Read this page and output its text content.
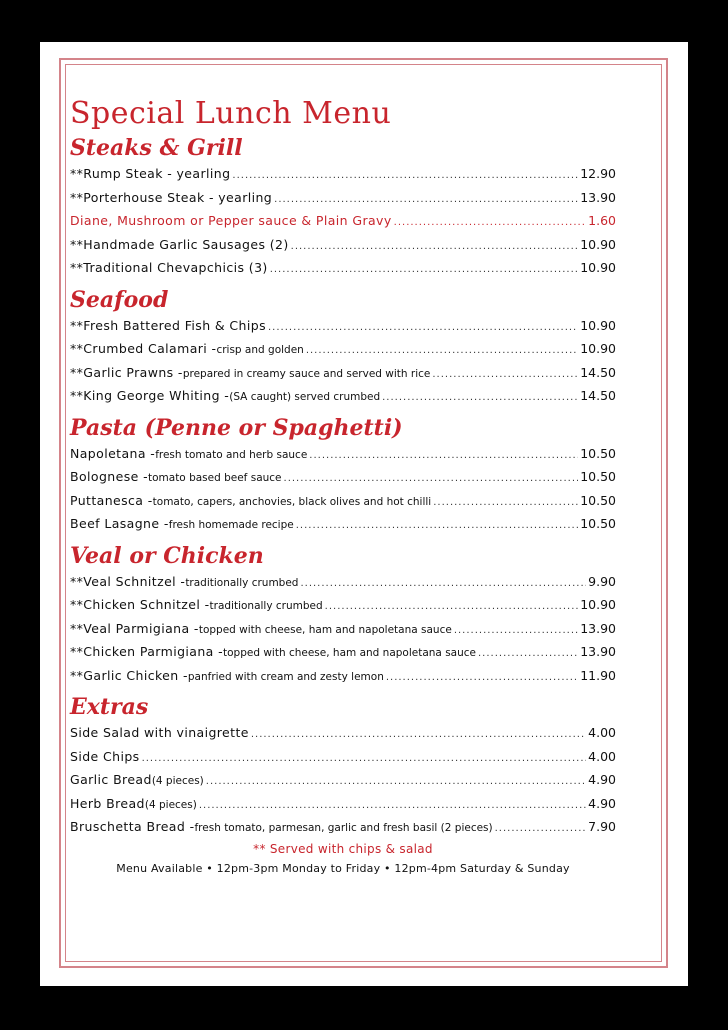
Special Lunch Menu
Steaks & Grill
**Rump Steak - yearling .....	12.90
**Porterhouse Steak - yearling .....	13.90
Diane, Mushroom or Pepper sauce & Plain Gravy .....	1.60
**Handmade Garlic Sausages (2) .....	10.90
**Traditional Chevapchicis (3) .....	10.90
Seafood
**Fresh Battered Fish & Chips .....	10.90
**Crumbed Calamari - crisp and golden .....	10.90
**Garlic Prawns - prepared in creamy sauce and served with rice .....	14.50
**King George Whiting - (SA caught) served crumbed .....	14.50
Pasta (Penne or Spaghetti)
Napoletana - fresh tomato and herb sauce .....	10.50
Bolognese - tomato based beef sauce .....	10.50
Puttanesca - tomato, capers, anchovies, black olives and hot chilli .....	10.50
Beef Lasagne - fresh homemade recipe .....	10.50
Veal or Chicken
**Veal Schnitzel - traditionally crumbed .....	9.90
**Chicken Schnitzel - traditionally crumbed .....	10.90
**Veal Parmigiana - topped with cheese, ham and napoletana sauce .....	13.90
**Chicken Parmigiana - topped with cheese, ham and napoletana sauce .....	13.90
**Garlic Chicken - panfried with cream and zesty lemon .....	11.90
Extras
Side Salad with vinaigrette .....	4.00
Side Chips .....	4.00
Garlic Bread (4 pieces) .....	4.90
Herb Bread (4 pieces) .....	4.90
Bruschetta Bread - fresh tomato, parmesan, garlic and fresh basil (2 pieces) .....	7.90
** Served with chips & salad
Menu Available • 12pm-3pm Monday to Friday • 12pm-4pm Saturday & Sunday
